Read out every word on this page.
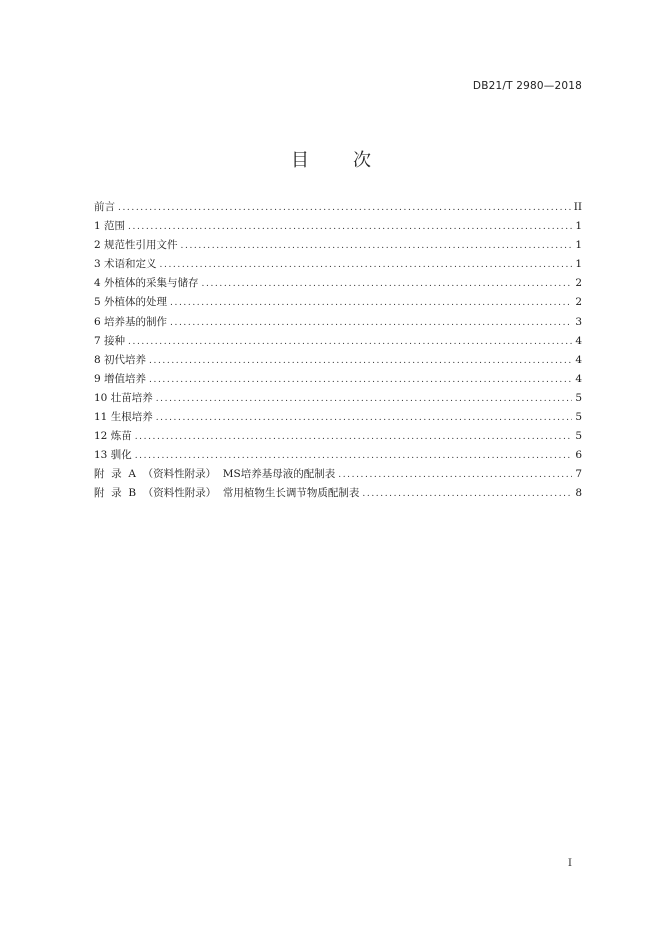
DB21/T 2980—2018
目 次
前言 .....	II
1 范围 .....	1
2 规范性引用文件 .....	1
3 术语和定义 .....	1
4 外植体的采集与储存 .....	2
5 外植体的处理 .....	2
6 培养基的制作 .....	3
7 接种 .....	4
8 初代培养 .....	4
9 增值培养 .....	4
10 壮苗培养 .....	5
11 生根培养 .....	5
12 炼苗 .....	5
13 驯化 .....	6
附  录  A  （资料性附录）  MS培养基母液的配制表 .....	7
附  录  B  （资料性附录）  常用植物生长调节物质配制表 .....	8
I
